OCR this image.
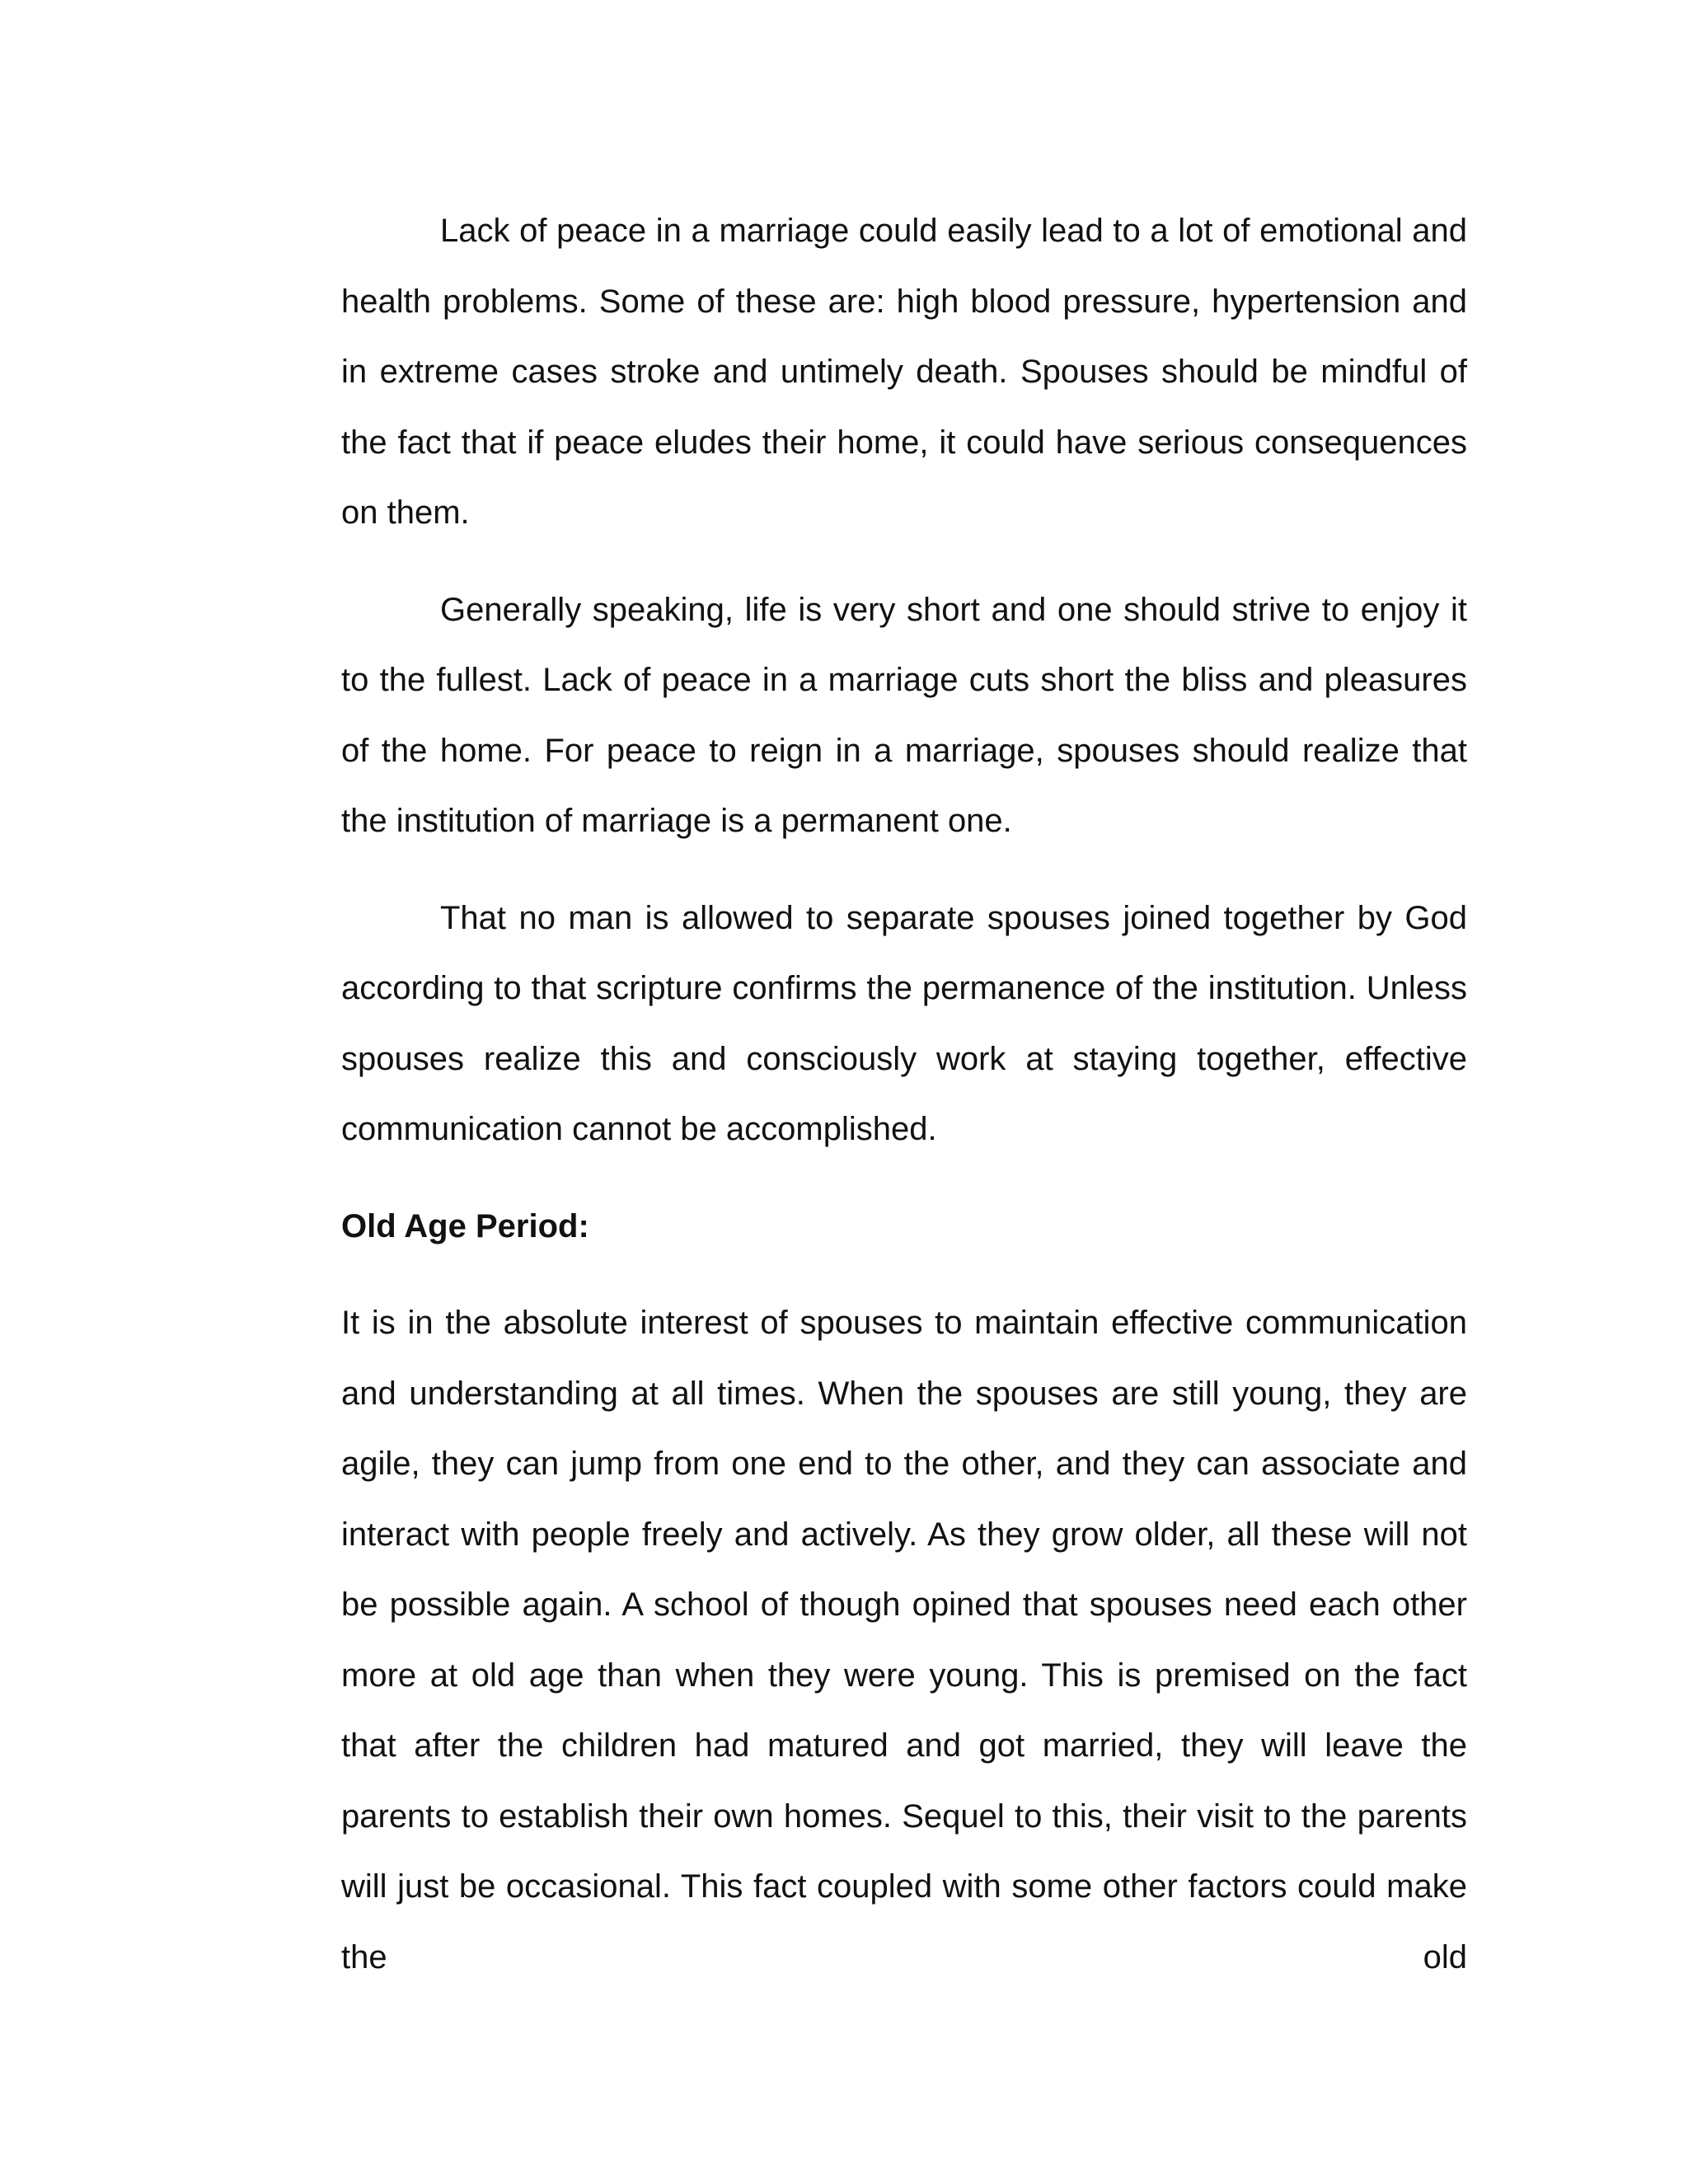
Lack of peace in a marriage could easily lead to a lot of emotional and health problems. Some of these are: high blood pressure, hypertension and in extreme cases stroke and untimely death. Spouses should be mindful of the fact that if peace eludes their home, it could have serious consequences on them.

Generally speaking, life is very short and one should strive to enjoy it to the fullest. Lack of peace in a marriage cuts short the bliss and pleasures of the home. For peace to reign in a marriage, spouses should realize that the institution of marriage is a permanent one.

That no man is allowed to separate spouses joined together by God according to that scripture confirms the permanence of the institution. Unless spouses realize this and consciously work at staying together, effective communication cannot be accomplished.

Old Age Period:

It is in the absolute interest of spouses to maintain effective communication and understanding at all times. When the spouses are still young, they are agile, they can jump from one end to the other, and they can associate and interact with people freely and actively. As they grow older, all these will not be possible again. A school of though opined that spouses need each other more at old age than when they were young. This is premised on the fact that after the children had matured and got married, they will leave the parents to establish their own homes. Sequel to this, their visit to the parents will just be occasional. This fact coupled with some other factors could make the old
